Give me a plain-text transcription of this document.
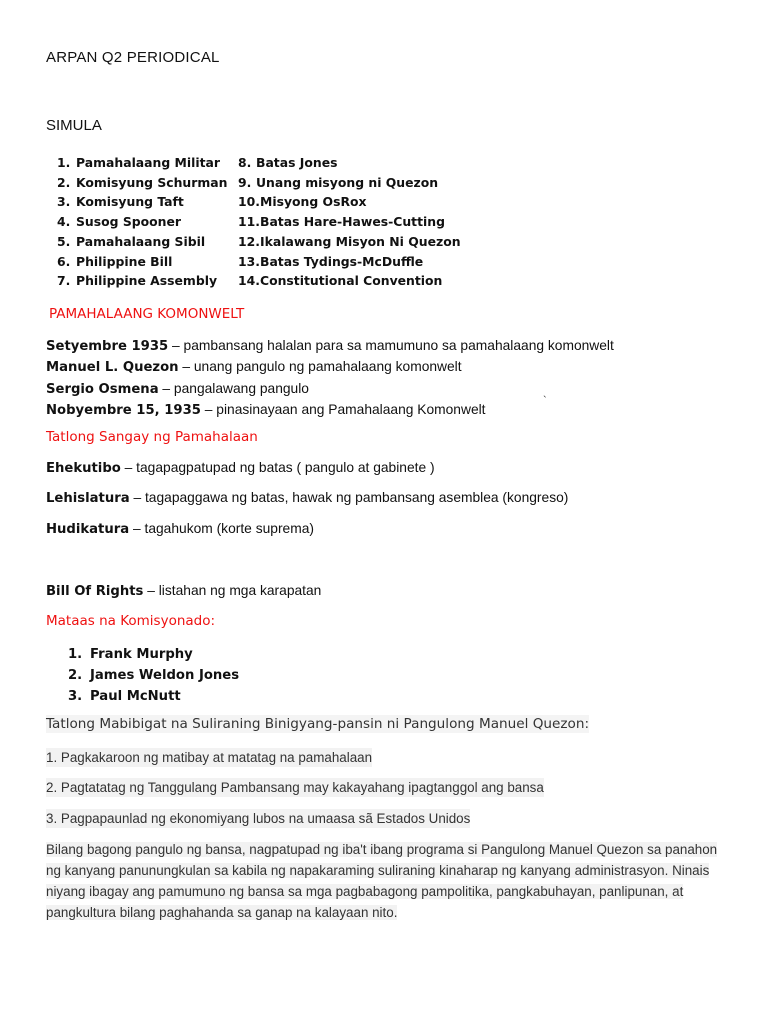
ARPAN Q2 PERIODICAL
SIMULA
1. Pamahalaang Militar
2. Komisyung Schurman
3. Komisyung Taft
4. Susog Spooner
5. Pamahalaang Sibil
6. Philippine Bill
7. Philippine Assembly
8. Batas Jones
9. Unang misyong ni Quezon
10. Misyong OsRox
11. Batas Hare-Hawes-Cutting
12. Ikalawang Misyon Ni Quezon
13. Batas Tydings-McDuffle
14. Constitutional Convention
PAMAHALAANG KOMONWELT
Setyembre 1935 – pambansang halalan para sa mamumuno sa pamahalaang komonwelt
Manuel L. Quezon – unang pangulo ng pamahalaang komonwelt
Sergio Osmena – pangalawang pangulo
Nobyembre 15, 1935 – pinasinayaan ang Pamahalaang Komonwelt
`
Tatlong Sangay ng Pamahalaan
Ehekutibo – tagapagpatupad ng batas ( pangulo at gabinete )
Lehislatura – tagapaggawa ng batas, hawak ng pambansang asemblea (kongreso)
Hudikatura – tagahukom (korte suprema)
Bill Of Rights – listahan ng mga karapatan
Mataas na Komisyonado:
1. Frank Murphy
2. James Weldon Jones
3. Paul McNutt
Tatlong Mabibigat na Suliraning Binigyang-pansin ni Pangulong Manuel Quezon:
1. Pagkakaroon ng matibay at matatag na pamahalaan
2. Pagtatatag ng Tanggulang Pambansang may kakayahang ipagtanggol ang bansa
3. Pagpapaunlad ng ekonomiyang lubos na umaasa sã Estados Unidos
Bilang bagong pangulo ng bansa, nagpatupad ng iba't ibang programa si Pangulong Manuel Quezon sa panahon ng kanyang panunungkulan sa kabila ng napakaraming suliraning kinaharap ng kanyang administrasyon. Ninais niyang ibagay ang pamumuno ng bansa sa mga pagbabagong pampolitika, pangkabuhayan, panlipunan, at pangkultura bilang paghahanda sa ganap na kalayaan nito.
